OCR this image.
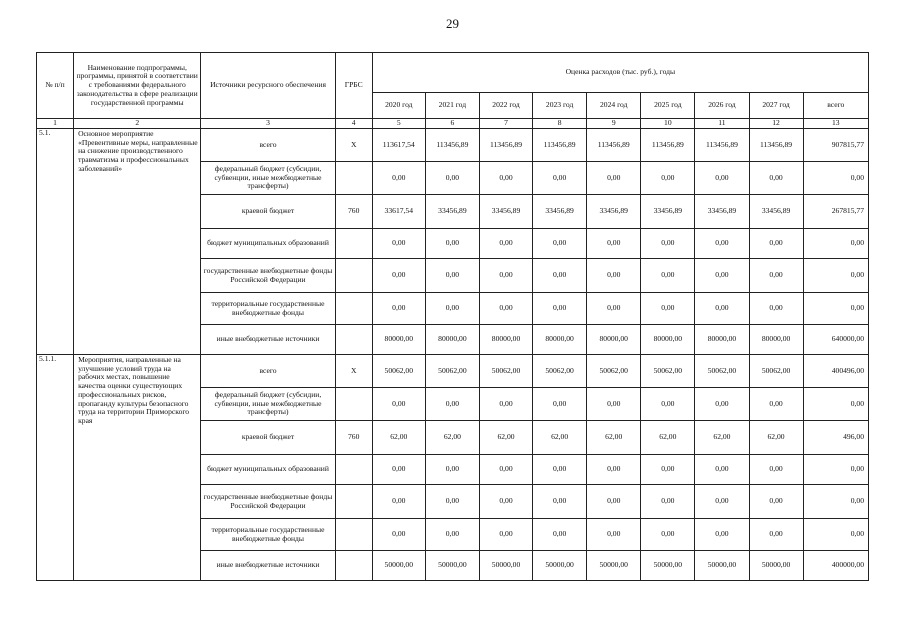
29
№ п/п	Наименование подпрограммы, программы, принятой в соответствии с требованиями федерального законодательства в сфере реализации государственной программы	Источники ресурсного обеспечения	ГРБС	Оценка расходов (тыс. руб.), годы								
				2020 год	2021 год	2022 год	2023 год	2024 год	2025 год	2026 год	2027 год	всего
1	2	3	4	5	6	7	8	9	10	11	12	13
5.1.	Основное мероприятие «Превентивные меры, направленные на снижение производственного травматизма и профессиональных заболеваний»	всего	Х	113617,54	113456,89	113456,89	113456,89	113456,89	113456,89	113456,89	113456,89	907815,77
		федеральный бюджет (субсидии, субвенции, иные межбюджетные трансферты)		0,00	0,00	0,00	0,00	0,00	0,00	0,00	0,00	0,00
		краевой бюджет	760	33617,54	33456,89	33456,89	33456,89	33456,89	33456,89	33456,89	33456,89	267815,77
		бюджет муниципальных образований		0,00	0,00	0,00	0,00	0,00	0,00	0,00	0,00	0,00
		государственные внебюджетные фонды Российской Федерации		0,00	0,00	0,00	0,00	0,00	0,00	0,00	0,00	0,00
		территориальные государственные внебюджетные фонды		0,00	0,00	0,00	0,00	0,00	0,00	0,00	0,00	0,00
		иные внебюджетные источники		80000,00	80000,00	80000,00	80000,00	80000,00	80000,00	80000,00	80000,00	640000,00
5.1.1.	Мероприятия, направленные на улучшение условий труда на рабочих местах, повышение качества оценки существующих профессиональных рисков, пропаганду культуры безопасного труда на территории Приморского края	всего	Х	50062,00	50062,00	50062,00	50062,00	50062,00	50062,00	50062,00	50062,00	400496,00
		федеральный бюджет (субсидии, субвенции, иные межбюджетные трансферты)		0,00	0,00	0,00	0,00	0,00	0,00	0,00	0,00	0,00
		краевой бюджет	760	62,00	62,00	62,00	62,00	62,00	62,00	62,00	62,00	496,00
		бюджет муниципальных образований		0,00	0,00	0,00	0,00	0,00	0,00	0,00	0,00	0,00
		государственные внебюджетные фонды Российской Федерации		0,00	0,00	0,00	0,00	0,00	0,00	0,00	0,00	0,00
		территориальные государственные внебюджетные фонды		0,00	0,00	0,00	0,00	0,00	0,00	0,00	0,00	0,00
		иные внебюджетные источники		50000,00	50000,00	50000,00	50000,00	50000,00	50000,00	50000,00	50000,00	400000,00
